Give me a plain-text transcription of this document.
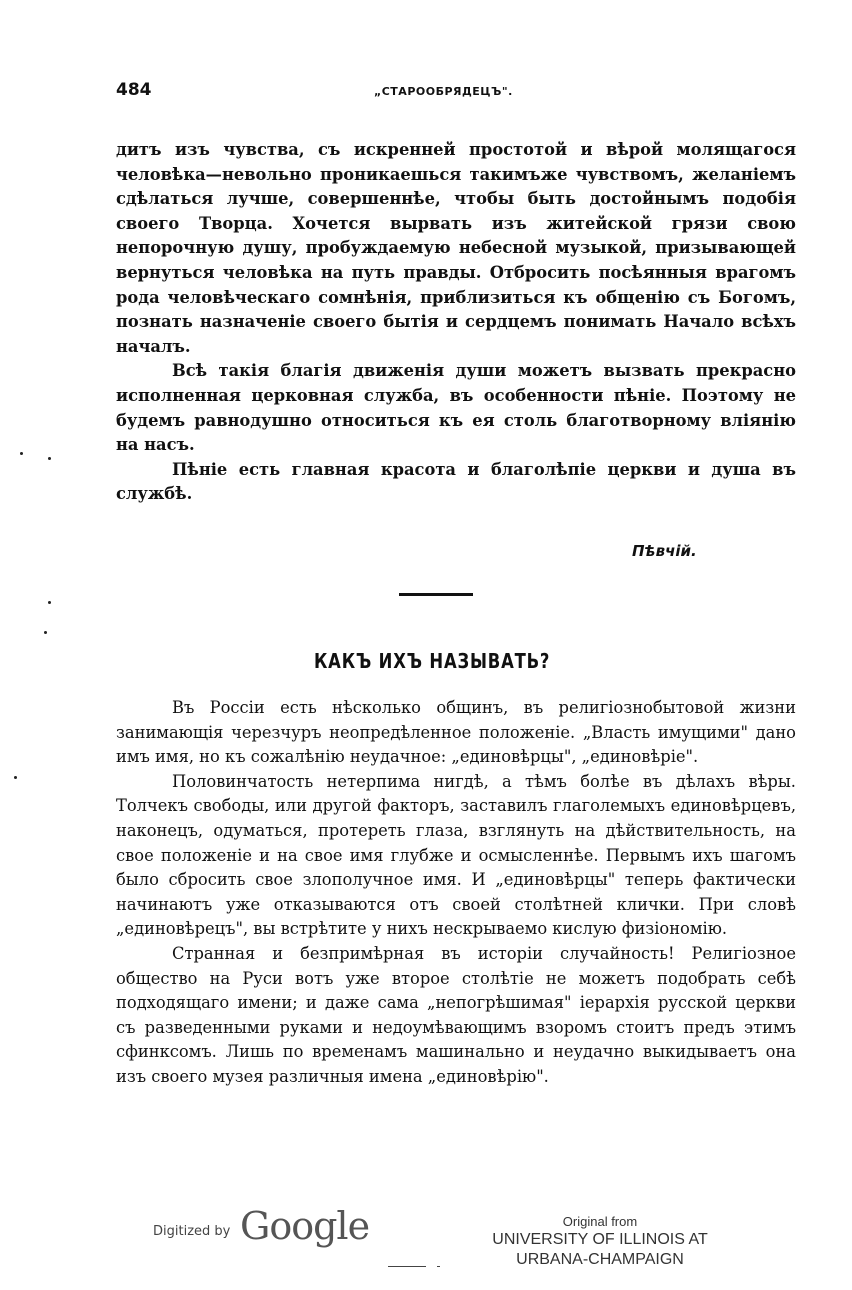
484	„СТАРООБРЯДЕЦЪ".

дитъ изъ чувства, съ искренней простотой и вѣрой молящагося человѣка—невольно проникаешься такимъже чувствомъ, желаніемъ сдѣлаться лучше, совершеннѣе, чтобы быть достойнымъ подобія своего Творца. Хочется вырвать изъ житейской грязи свою непорочную душу, пробуждаемую небесной музыкой, призывающей вернуться человѣка на путь правды. Отбросить посѣянныя врагомъ рода человѣческаго сомнѣнія, приблизиться къ общенію съ Богомъ, познать назначеніе своего бытія и сердцемъ понимать Начало всѣхъ началъ.

Всѣ такія благія движенія души можетъ вызвать прекрасно исполненная церковная служба, въ особенности пѣніе. Поэтому не будемъ равнодушно относиться къ ея столь благотворному вліянію на насъ.

Пѣніе есть главная красота и благолѣпіе церкви и душа въ службѣ.

Пѣвчій.
КАКЪ ИХЪ НАЗЫВАТЬ?

Въ Россіи есть нѣсколько общинъ, въ религіознобытовой жизни занимающія черезчуръ неопредѣленное положеніе. „Власть имущими" дано имъ имя, но къ сожалѣнію неудачное: „единовѣрцы", „единовѣріе".

Половинчатость нетерпима нигдѣ, а тѣмъ болѣе въ дѣлахъ вѣры. Толчекъ свободы, или другой факторъ, заставилъ глаголемыхъ единовѣрцевъ, наконецъ, одуматься, протереть глаза, взглянуть на дѣйствительность, на свое положеніе и на свое имя глубже и осмысленнѣе. Первымъ ихъ шагомъ было сбросить свое злополучное имя. И „единовѣрцы" теперь фактически начинаютъ уже отказываются отъ своей столѣтней клички. При словѣ „единовѣрецъ", вы встрѣтите у нихъ нескрываемо кислую физіономію.

Странная и безпримѣрная въ исторіи случайность! Религіозное общество на Руси вотъ уже второе столѣтіе не можетъ подобрать себѣ подходящаго имени; и даже сама „непогрѣшимая" іерархія русской церкви съ разведенными руками и недоумѣвающимъ взоромъ стоитъ предъ этимъ сфинксомъ. Лишь по временамъ машинально и неудачно выкидываетъ она изъ своего музея различныя имена „единовѣрію".

Digitized by Google	Original from
UNIVERSITY OF ILLINOIS AT
URBANA-CHAMPAIGN
